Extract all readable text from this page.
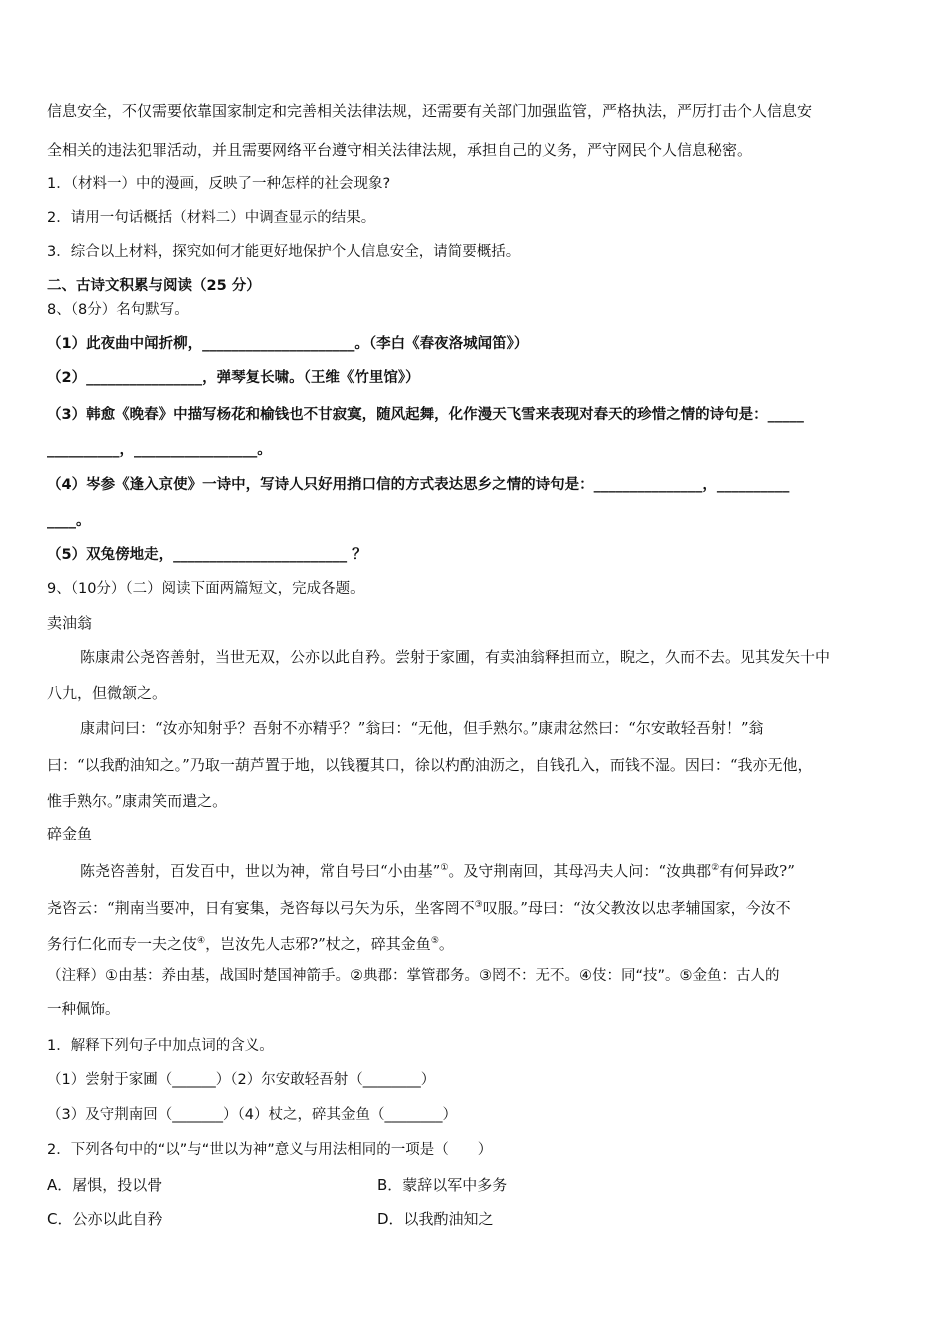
信息安全，不仅需要依靠国家制定和完善相关法律法规，还需要有关部门加强监管，严格执法，严厉打击个人信息安
全相关的违法犯罪活动，并且需要网络平台遵守相关法律法规，承担自己的义务，严守网民个人信息秘密。
1．（材料一）中的漫画，反映了一种怎样的社会现象?
2．请用一句话概括（材料二）中调查显示的结果。
3．综合以上材料，探究如何才能更好地保护个人信息安全，请简要概括。
二、古诗文积累与阅读（25 分）
8、（8分）名句默写。
（1）此夜曲中闻折柳，_____________________。（李白《春夜洛城闻笛》）
（2）________________，弹琴复长啸。（王维《竹里馆》）
（3）韩愈《晚春》中描写杨花和榆钱也不甘寂寞，随风起舞，化作漫天飞雪来表现对春天的珍惜之情的诗句是：_____
__________，_________________。
（4）岑参《逢入京使》一诗中，写诗人只好用捎口信的方式表达思乡之情的诗句是：_______________，__________
____。
（5）双兔傍地走，________________________ ？
9、（10分）（二）阅读下面两篇短文，完成各题。
卖油翁
陈康肃公尧咨善射，当世无双，公亦以此自矜。尝射于家圃，有卖油翁释担而立，睨之，久而不去。见其发矢十中
八九，但微颔之。
康肃问曰：“汝亦知射乎？吾射不亦精乎？”翁曰：“无他，但手熟尔。”康肃忿然曰：“尔安敢轻吾射！”翁
曰：“以我酌油知之。”乃取一葫芦置于地，以钱覆其口，徐以杓酌油沥之，自钱孔入，而钱不湿。因曰：“我亦无他，
惟手熟尔。”康肃笑而遣之。
碎金鱼
陈尧咨善射，百发百中，世以为神，常自号曰“小由基”①。及守荆南回，其母冯夫人问：“汝典郡②有何异政?”
尧咨云：“荆南当要冲，日有宴集，尧咨每以弓矢为乐，坐客罔不③叹服。”母曰：“汝父教汝以忠孝辅国家，今汝不
务行仁化而专一夫之伎④，岂汝先人志邪?”杖之，碎其金鱼⑤。
（注释）①由基：养由基，战国时楚国神箭手。②典郡：掌管郡务。③罔不：无不。④伎：同“技”。⑤金鱼：古人的
一种佩饰。
1．解释下列句子中加点词的含义。
（1）尝射于家圃（______）（2）尔安敢轻吾射（________）
（3）及守荆南回（_______）（4）杖之，碎其金鱼（________）
2．下列各句中的“以”与“世以为神”意义与用法相同的一项是（　　）
A．屠惧，投以骨	B．蒙辞以军中多务
C．公亦以此自矜	D．以我酌油知之
